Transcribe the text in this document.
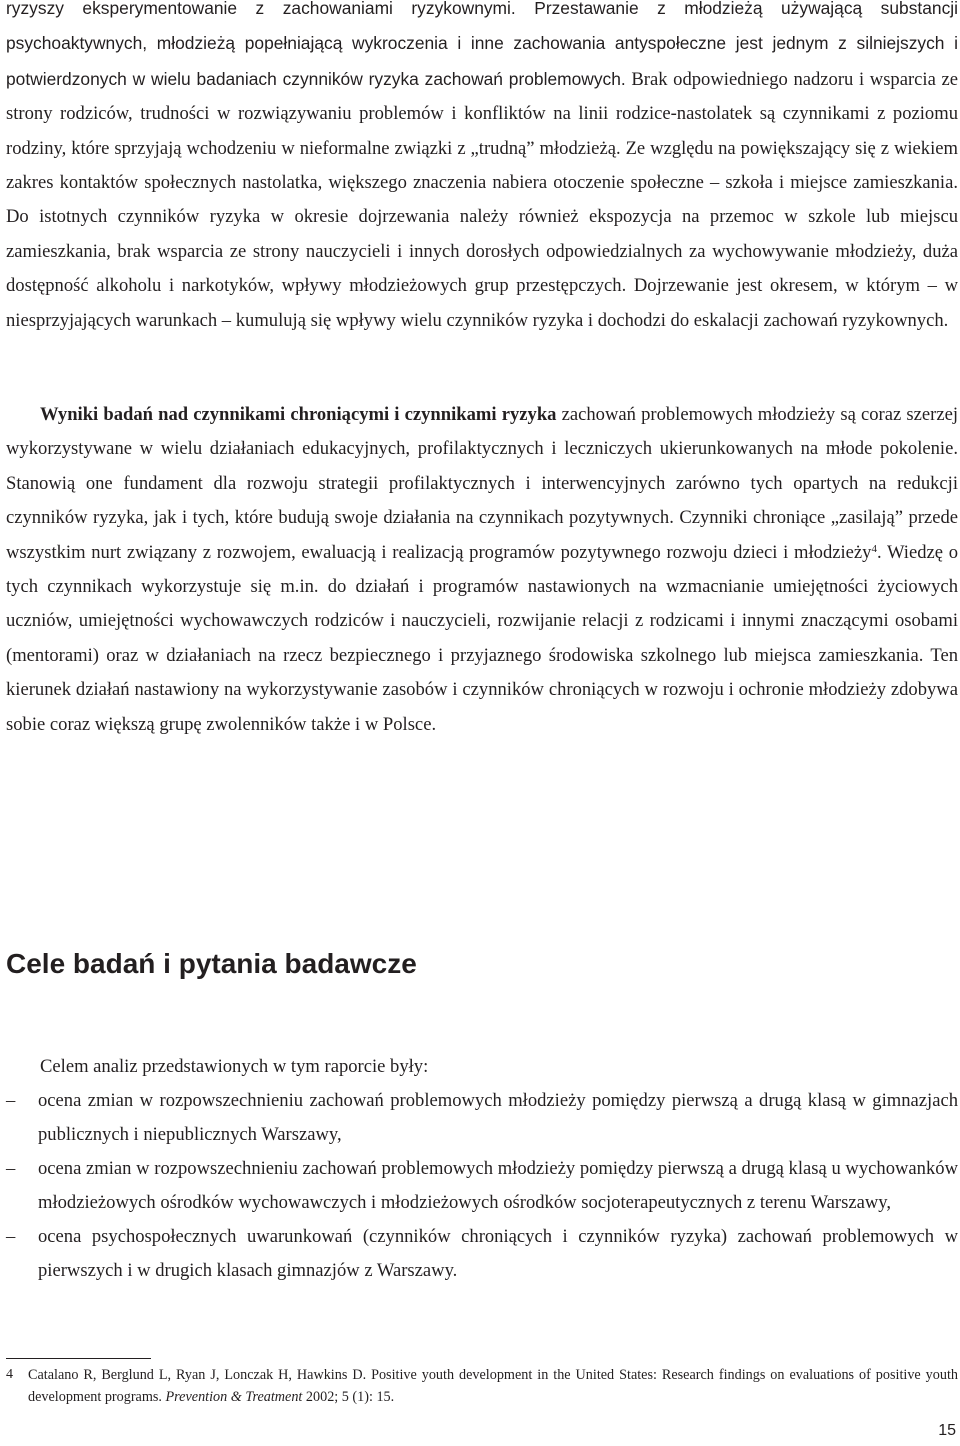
ryzyszy eksperymentowanie z zachowaniami ryzykownymi. Przestawanie z młodzieżą używającą substancji psychoaktywnych, młodzieżą popełniającą wykroczenia i inne zachowania antyspołeczne jest jednym z silniejszych i potwierdzonych w wielu badaniach czynników ryzyka zachowań problemowych. Brak odpowiedniego nadzoru i wsparcia ze strony rodziców, trudności w rozwiązywaniu problemów i konfliktów na linii rodzice-nastolatek są czynnikami z poziomu rodziny, które sprzyjają wchodzeniu w nieformalne związki z „trudną” młodzieżą. Ze względu na powiększający się z wiekiem zakres kontaktów społecznych nastolatka, większego znaczenia nabiera otoczenie społeczne – szkoła i miejsce zamieszkania. Do istotnych czynników ryzyka w okresie dojrzewania należy również ekspozycja na przemoc w szkole lub miejscu zamieszkania, brak wsparcia ze strony nauczycieli i innych dorosłych odpowiedzialnych za wychowywanie młodzieży, duża dostępność alkoholu i narkotyków, wpływy młodzieżowych grup przestępczych. Dojrzewanie jest okresem, w którym – w niesprzyjających warunkach – kumulują się wpływy wielu czynników ryzyka i dochodzi do eskalacji zachowań ryzykownych.

Wyniki badań nad czynnikami chroniącymi i czynnikami ryzyka zachowań problemowych młodzieży są coraz szerzej wykorzystywane w wielu działaniach edukacyjnych, profilaktycznych i leczniczych ukierunkowanych na młode pokolenie. Stanowią one fundament dla rozwoju strategii profilaktycznych i interwencyjnych zarówno tych opartych na redukcji czynników ryzyka, jak i tych, które budują swoje działania na czynnikach pozytywnych. Czynniki chroniące „zasilają” przede wszystkim nurt związany z rozwojem, ewaluacją i realizacją programów pozytywnego rozwoju dzieci i młodzieży$^4$. Wiedzę o tych czynnikach wykorzystuje się m.in. do działań i programów nastawionych na wzmacnianie umiejętności życiowych uczniów, umiejętności wychowawczych rodziców i nauczycieli, rozwijanie relacji z rodzicami i innymi znaczącymi osobami (mentorami) oraz w działaniach na rzecz bezpiecznego i przyjaznego środowiska szkolnego lub miejsca zamieszkania. Ten kierunek działań nastawiony na wykorzystywanie zasobów i czynników chroniących w rozwoju i ochronie młodzieży zdobywa sobie coraz większą grupę zwolenników także i w Polsce.

Cele badań i pytania badawcze

Celem analiz przedstawionych w tym raporcie były:

– ocena zmian w rozpowszechnieniu zachowań problemowych młodzieży pomiędzy pierwszą a drugą klasą w gimnazjach publicznych i niepublicznych Warszawy,
– ocena zmian w rozpowszechnieniu zachowań problemowych młodzieży pomiędzy pierwszą a drugą klasą u wychowanków młodzieżowych ośrodków wychowawczych i młodzieżowych ośrodków socjoterapeutycznych z terenu Warszawy,
– ocena psychospołecznych uwarunkowań (czynników chroniących i czynników ryzyka) zachowań problemowych w pierwszych i w drugich klasach gimnazjów z Warszawy.
4	Catalano R, Berglund L, Ryan J, Lonczak H, Hawkins D. Positive youth development in the United States: Research findings on evaluations of positive youth development programs. Prevention & Treatment 2002; 5 (1): 15.
15
